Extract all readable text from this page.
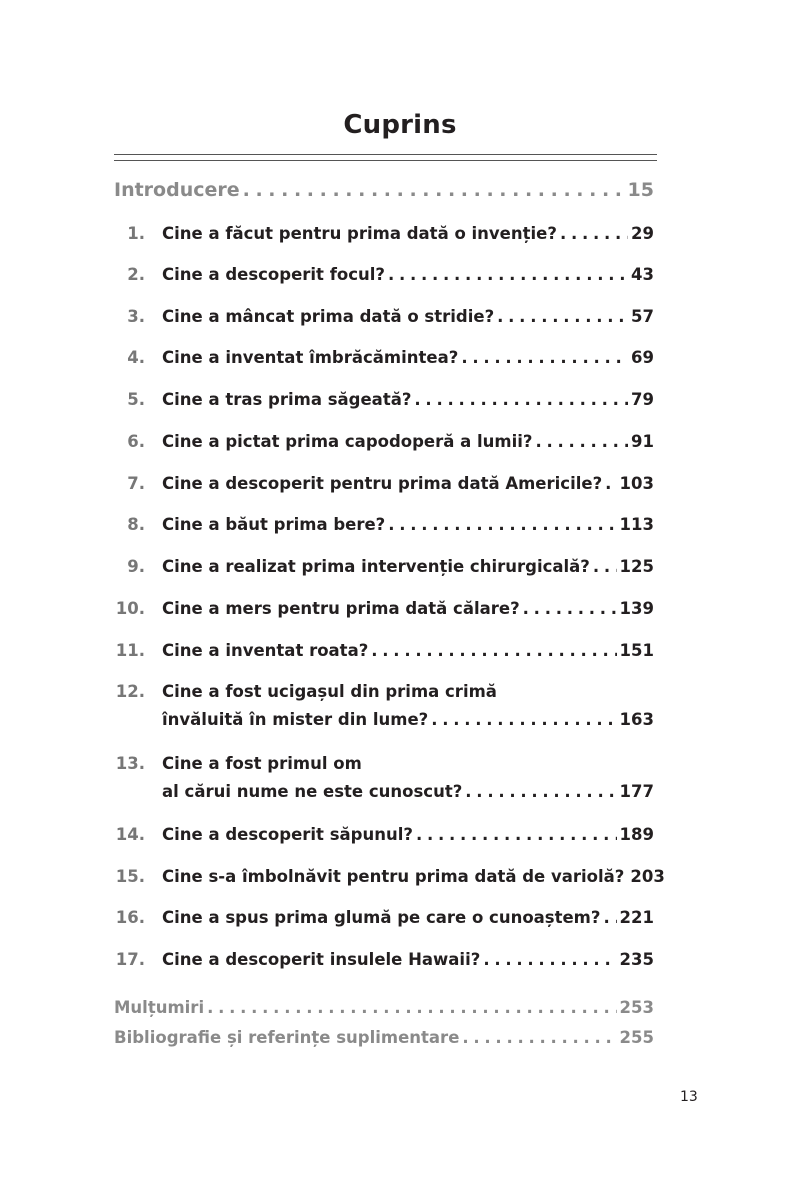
Cuprins
Introducere . . .	15
1. Cine a făcut pentru prima dată o invenție? . . .	29
2. Cine a descoperit focul? . . .	43
3. Cine a mâncat prima dată o stridie? . . .	57
4. Cine a inventat îmbrăcămintea? . . .	69
5. Cine a tras prima săgeată? . . .	79
6. Cine a pictat prima capodoperă a lumii? . . .	91
7. Cine a descoperit pentru prima dată Americile? . . . 103
8. Cine a băut prima bere? . . .	113
9. Cine a realizat prima intervenție chirurgicală? . . . 125
10. Cine a mers pentru prima dată călare? . . .	139
11. Cine a inventat roata? . . .	151
12. Cine a fost ucigașul din prima crimă
învăluită în mister din lume? . . .	163
13. Cine a fost primul om
al cărui nume ne este cunoscut? . . .	177
14. Cine a descoperit săpunul? . . .	189
15. Cine s-a îmbolnăvit pentru prima dată de variolă? 203
16. Cine a spus prima glumă pe care o cunoaștem? . . . 221
17. Cine a descoperit insulele Hawaii? . . .	235
Mulțumiri . . .	253
Bibliografie și referințe suplimentare . . .	255
13
